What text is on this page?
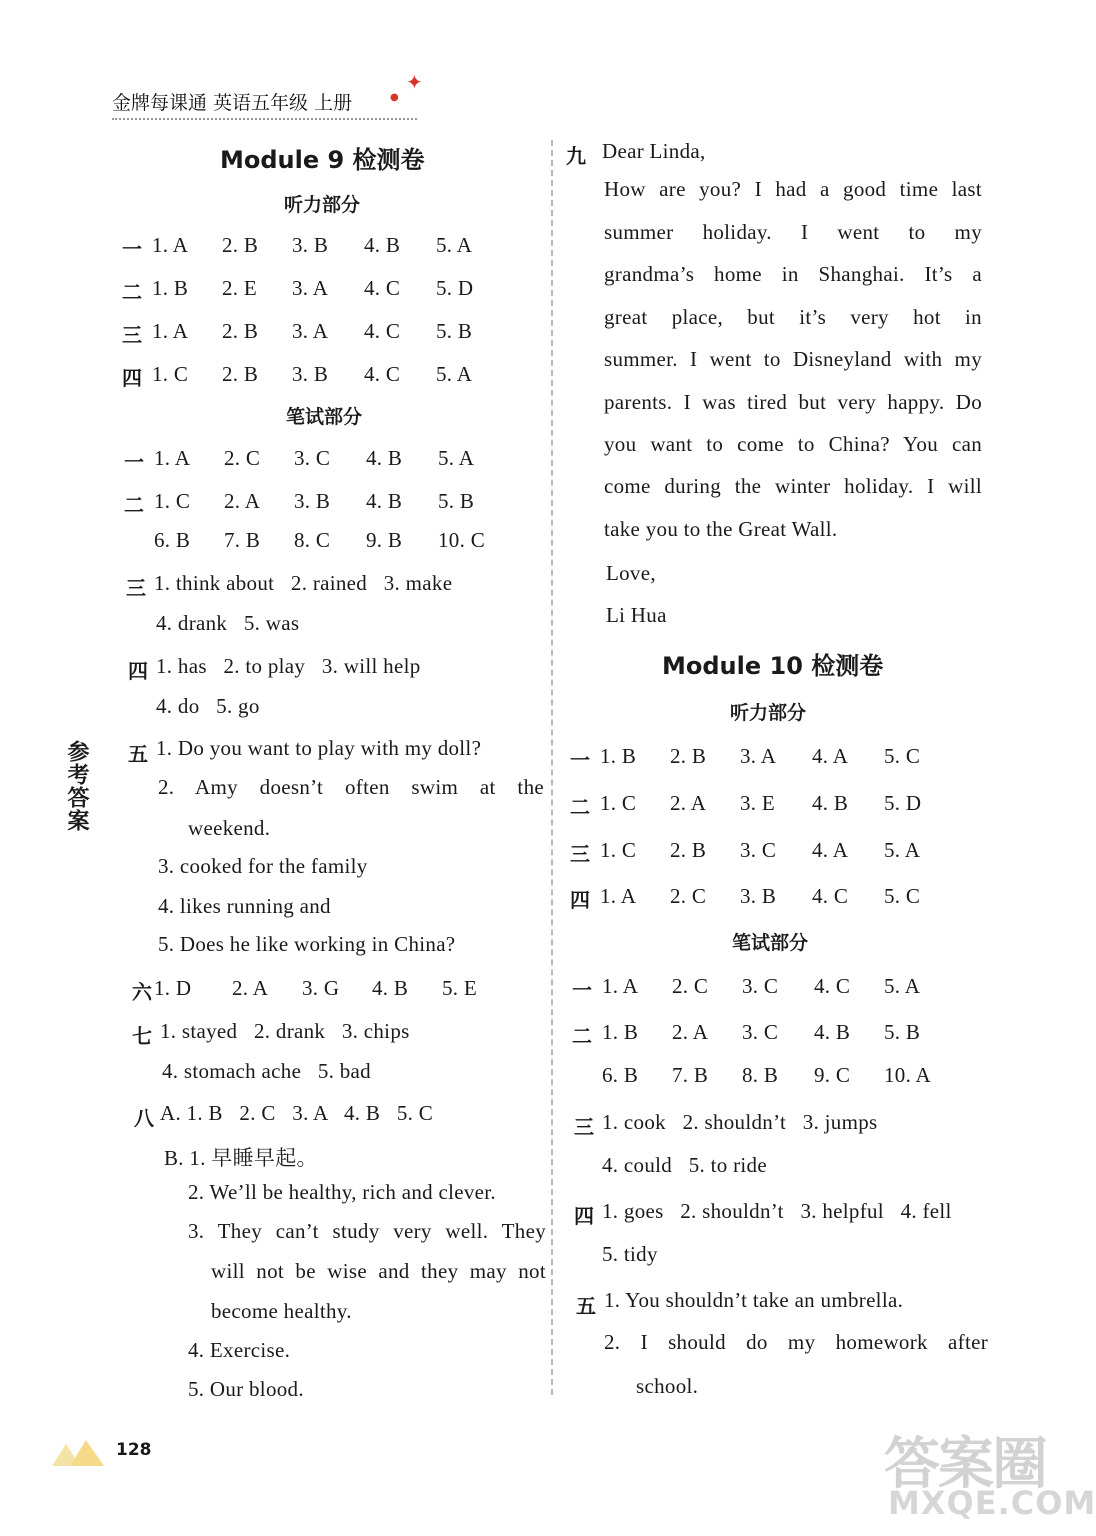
金牌每课通 英语五年级 上册
✦
●
参考答案
Module 9 检测卷
听力部分
一 1. A 2. B 3. B 4. B 5. A
二 1. B 2. E 3. A 4. C 5. D
三 1. A 2. B 3. A 4. C 5. B
四 1. C 2. B 3. B 4. C 5. A
笔试部分
一 1. A 2. C 3. C 4. B 5. A
二 1. C 2. A 3. B 4. B 5. B
6. B 7. B 8. C 9. B 10. C
三 1. think about   2. rained   3. make
4. drank   5. was
四 1. has   2. to play   3. will help
4. do   5. go
五 1. Do you want to play with my doll?
2. Amy doesn’t often swim at the
weekend.
3. cooked for the family
4. likes running and
5. Does he like working in China?
六 1. D 2. A 3. G 4. B 5. E
七 1. stayed   2. drank   3. chips
4. stomach ache   5. bad
八 A. 1. B   2. C   3. A   4. B   5. C
B. 1. 早睡早起。
2. We’ll be healthy, rich and clever.
3. They can’t study very well. They
will not be wise and they may not
become healthy.
4. Exercise.
5. Our blood.
九 Dear Linda,
How are you? I had a good time last
summer holiday. I went to my
grandma’s home in Shanghai. It’s a
great place, but it’s very hot in
summer. I went to Disneyland with my
parents. I was tired but very happy. Do
you want to come to China? You can
come during the winter holiday. I will
take you to the Great Wall.
Love,
Li Hua
Module 10 检测卷
听力部分
一 1. B 2. B 3. A 4. A 5. C
二 1. C 2. A 3. E 4. B 5. D
三 1. C 2. B 3. C 4. A 5. A
四 1. A 2. C 3. B 4. C 5. C
笔试部分
一 1. A 2. C 3. C 4. C 5. A
二 1. B 2. A 3. C 4. B 5. B
6. B 7. B 8. B 9. C 10. A
三 1. cook   2. shouldn’t   3. jumps
4. could   5. to ride
四 1. goes   2. shouldn’t   3. helpful   4. fell
5. tidy
五 1. You shouldn’t take an umbrella.
2. I should do my homework after
school.
128	答案圈
MXQE.COM
